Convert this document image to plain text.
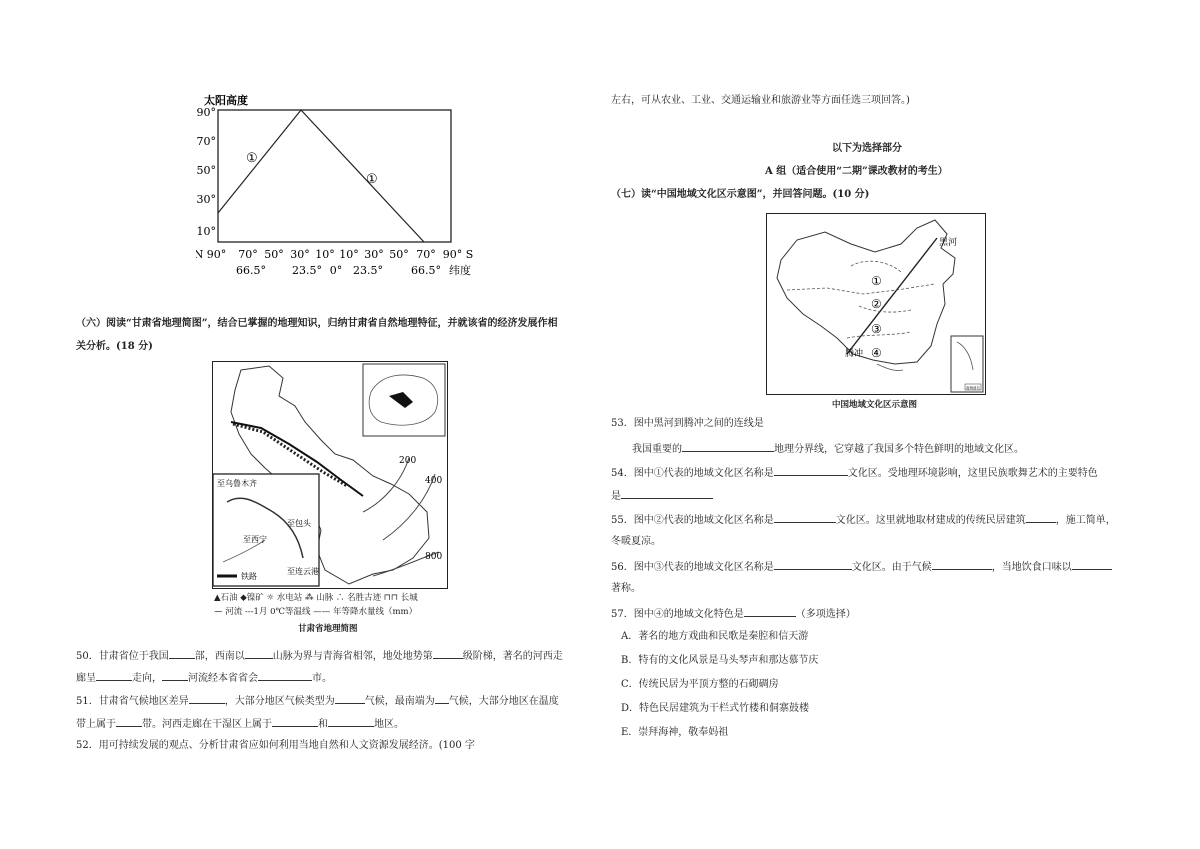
太阳高度
90°
70°
50°
30°
10°
①
①
N 90° 70° 50° 30° 10° 10° 30° 50° 70° 90° S
66.5° 23.5° 0° 23.5°	66.5° 纬度
（六）阅读“甘肃省地理简图”，结合已掌握的地理知识，归纳甘肃省自然地理特征，并就该省的经济发展作相
关分析。(18 分)
200
400
800
至乌鲁木齐
至包头
至西宁
至连云港
铁路
▲石油 ◆镍矿 ☼ 水电站 ⁂ 山脉 ∴ 名胜古迹 ⊓⊓ 长城
⁓ 河流 ---1月 0℃等温线 —— 年等降水量线（mm）
甘肃省地理简图
50．甘肃省位于我国	部，西南以	山脉为界与青海省相邻，地处地势第	级阶梯，著名的河西走
廊呈	走向，	河流经本省省会	市。
51．甘肃省气候地区差异	，大部分地区气候类型为	气候，最南端为 气候，大部分地区在温度
带上属于	带。河西走廊在干湿区上属于	和	地区。
52．用可持续发展的观点、分析甘肃省应如何利用当地自然和人文资源发展经济。(100 字
左右，可从农业、工业、交通运输业和旅游业等方面任选三项回答。)
以下为选择部分
A 组（适合使用“二期”课改教材的考生）
（七）读“中国地域文化区示意图”，并回答问题。(10 分)
黑河
腾冲
①
②
③
④
南海诸岛
中国地域文化区示意图
53．图中黑河到腾冲之间的连线是
我国重要的	地理分界线，它穿越了我国多个特色鲜明的地域文化区。
54．图中①代表的地域文化区名称是	文化区。受地理环境影响，这里民族歌舞艺术的主要特色
是
55．图中②代表的地域文化区名称是	文化区。这里就地取材建成的传统民居建筑	，施工简单，
冬暖夏凉。
56．图中③代表的地域文化区名称是	文化区。由于气候	，当地饮食口味以
著称。
57．图中④的地域文化特色是	（多项选择）
A．著名的地方戏曲和民歌是秦腔和信天游
B．特有的文化风景是马头琴声和那达慕节庆
C．传统民居为平顶方整的石砌碉房
D．特色民居建筑为干栏式竹楼和侗寨鼓楼
E．崇拜海神，敬奉妈祖
